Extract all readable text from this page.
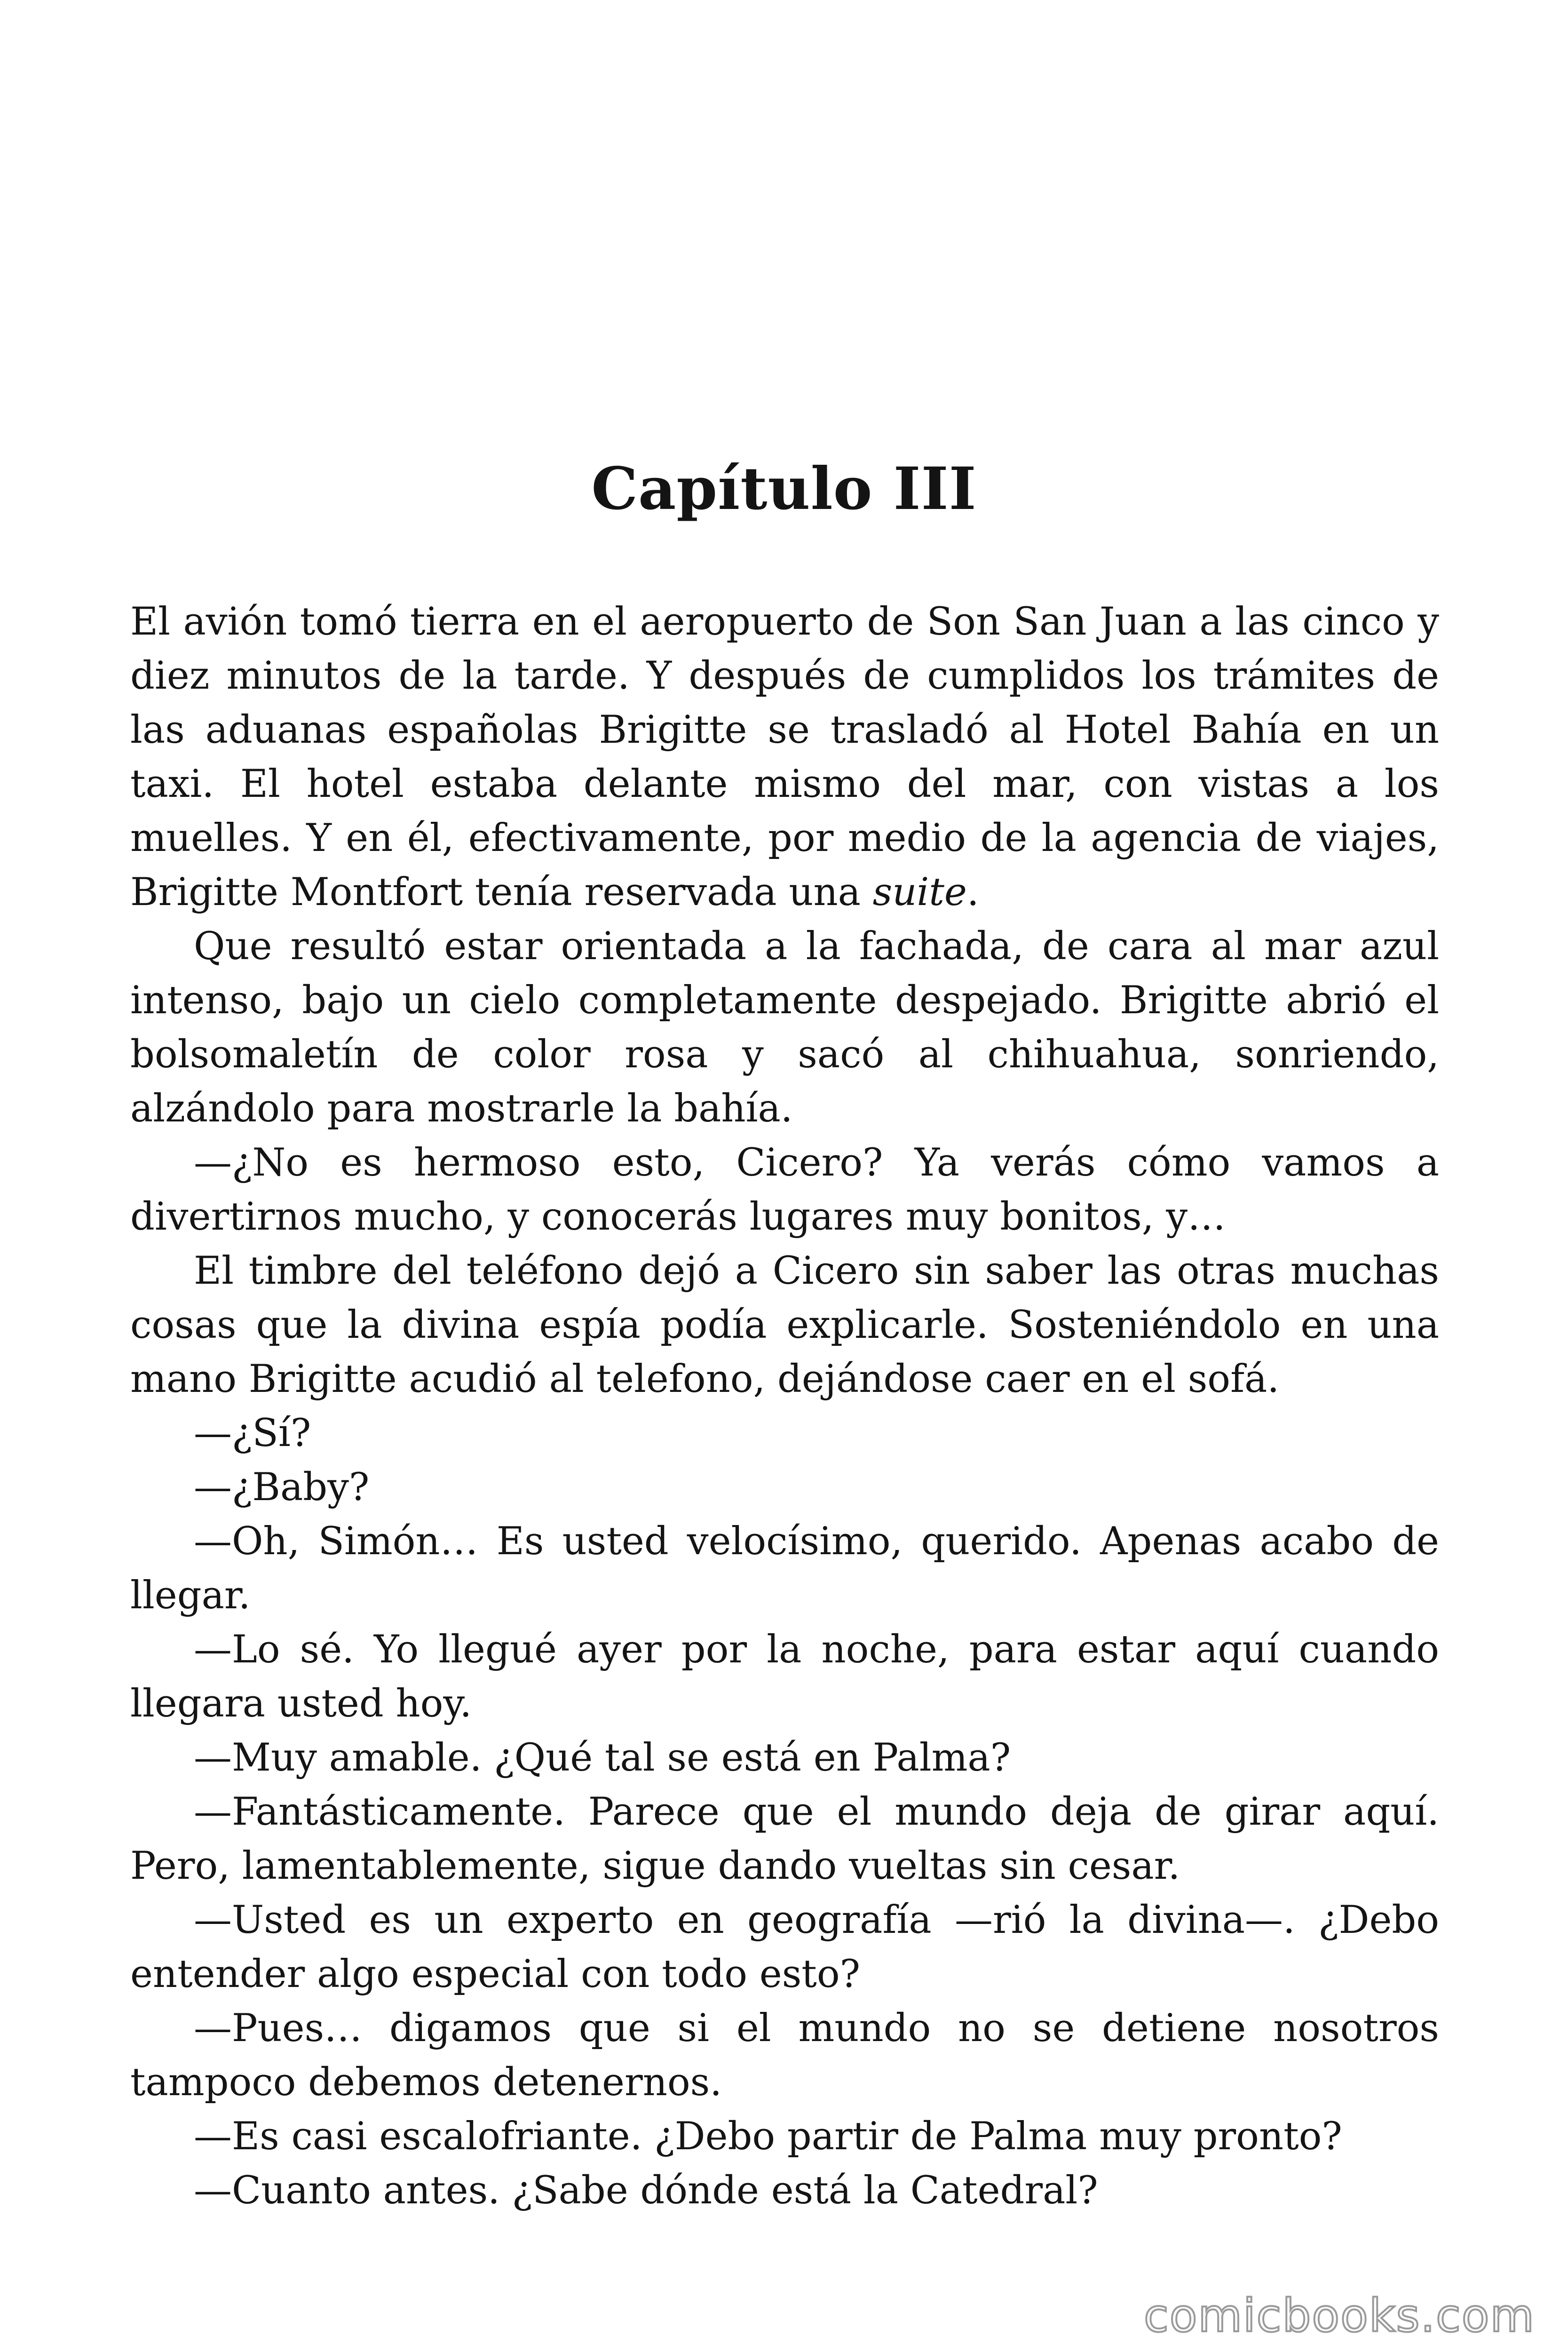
Capítulo III

El avión tomó tierra en el aeropuerto de Son San Juan a las cinco y diez minutos de la tarde. Y después de cumplidos los trámites de las aduanas españolas Brigitte se trasladó al Hotel Bahía en un taxi. El hotel estaba delante mismo del mar, con vistas a los muelles. Y en él, efectivamente, por medio de la agencia de viajes, Brigitte Montfort tenía reservada una suite.

Que resultó estar orientada a la fachada, de cara al mar azul intenso, bajo un cielo completamente despejado. Brigitte abrió el bolsomaletín de color rosa y sacó al chihuahua, sonriendo, alzándolo para mostrarle la bahía.

—¿No es hermoso esto, Cicero? Ya verás cómo vamos a divertirnos mucho, y conocerás lugares muy bonitos, y…

El timbre del teléfono dejó a Cicero sin saber las otras muchas cosas que la divina espía podía explicarle. Sosteniéndolo en una mano Brigitte acudió al telefono, dejándose caer en el sofá.

—¿Sí?

—¿Baby?

—Oh, Simón… Es usted velocísimo, querido. Apenas acabo de llegar.

—Lo sé. Yo llegué ayer por la noche, para estar aquí cuando llegara usted hoy.

—Muy amable. ¿Qué tal se está en Palma?

—Fantásticamente. Parece que el mundo deja de girar aquí. Pero, lamentablemente, sigue dando vueltas sin cesar.

—Usted es un experto en geografía —rió la divina—. ¿Debo entender algo especial con todo esto?

—Pues… digamos que si el mundo no se detiene nosotros tampoco debemos detenernos.

—Es casi escalofriante. ¿Debo partir de Palma muy pronto?

—Cuanto antes. ¿Sabe dónde está la Catedral?

comicbooks.com
